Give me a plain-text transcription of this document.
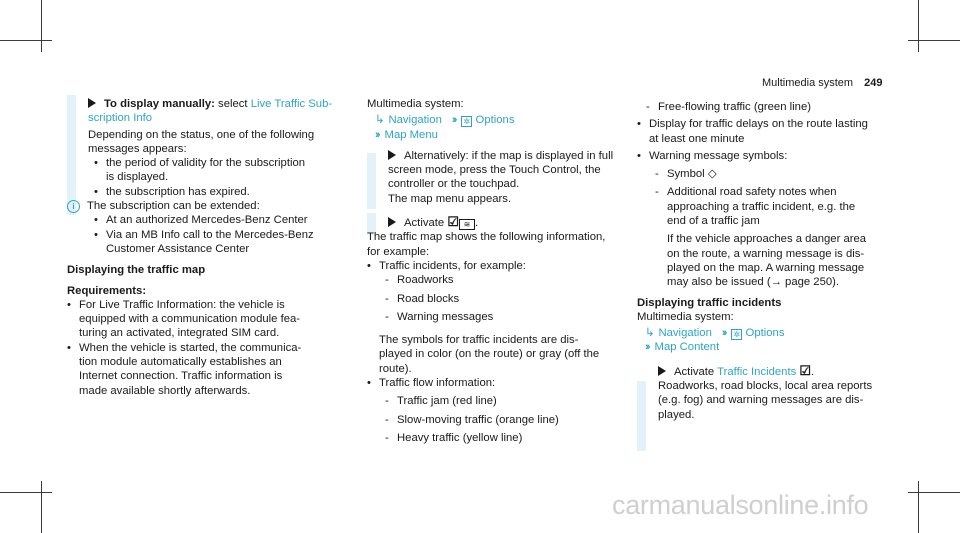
Multimedia system 249
To display manually: select Live Traffic Sub-
scription Info
Depending on the status, one of the following
messages appears:
• the period of validity for the subscription
is displayed.
• the subscription has expired.
i The subscription can be extended:
• At an authorized Mercedes-Benz Center
• Via an MB Info call to the Mercedes-Benz
Customer Assistance Center
Displaying the traffic map
Requirements:
• For Live Traffic Information: the vehicle is
equipped with a communication module fea-
turing an activated, integrated SIM card.
• When the vehicle is started, the communica-
tion module automatically establishes an
Internet connection. Traffic information is
made available shortly afterwards.
Multimedia system:
↳ Navigation ›› ✲ Options
›› Map Menu
Alternatively: if the map is displayed in full
screen mode, press the Touch Control, the
controller or the touchpad.
The map menu appears.
Activate ☑ ≋ .
The traffic map shows the following information,
for example:
• Traffic incidents, for example:
- Roadworks
- Road blocks
- Warning messages
The symbols for traffic incidents are dis-
played in color (on the route) or gray (off the
route).
• Traffic flow information:
- Traffic jam (red line)
- Slow-moving traffic (orange line)
- Heavy traffic (yellow line)
- Free-flowing traffic (green line)
• Display for traffic delays on the route lasting
at least one minute
• Warning message symbols:
- Symbol ◇
- Additional road safety notes when
approaching a traffic incident, e.g. the
end of a traffic jam
If the vehicle approaches a danger area
on the route, a warning message is dis-
played on the map. A warning message
may also be issued (→ page 250).
Displaying traffic incidents
Multimedia system:
↳ Navigation ›› ✲ Options
›› Map Content
Activate Traffic Incidents ☑.
Roadworks, road blocks, local area reports
(e.g. fog) and warning messages are dis-
played.
carmanualsonline.info
